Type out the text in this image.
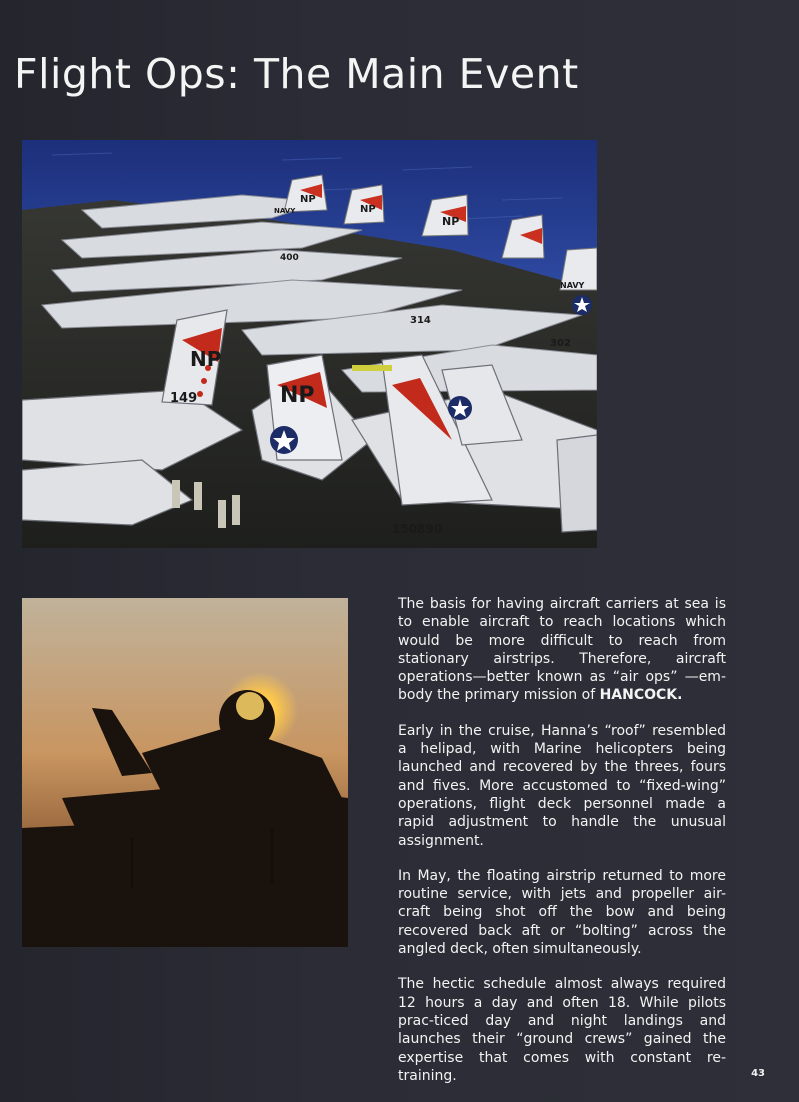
Flight Ops: The Main Event
NP
NP
NP
NP
NP
149
314
302
400
150890
NAVY
NAVY

The basis for having aircraft carriers at sea is to enable aircraft to reach locations which would be more difficult to reach from stationary airstrips. Therefore, aircraft operations—better known as “air ops” —em-body the primary mission of HANCOCK.

Early in the cruise, Hanna’s “roof” resembled a helipad, with Marine helicopters being launched and recovered by the threes, fours and fives. More accustomed to “fixed-wing” operations, flight deck personnel made a rapid adjustment to handle the unusual assignment.

In May, the floating airstrip returned to more routine service, with jets and propeller air-craft being shot off the bow and being recovered back aft or “bolting” across the angled deck, often simultaneously.

The hectic schedule almost always required 12 hours a day and often 18. While pilots prac-ticed day and night landings and launches their “ground crews” gained the expertise that comes with constant re-training.	43
